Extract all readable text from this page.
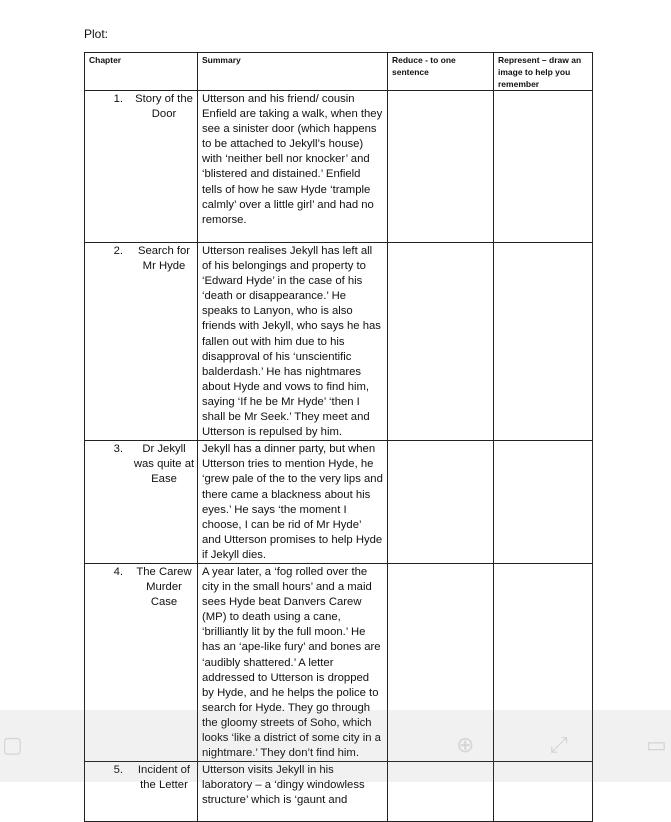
Plot:
Chapter	Summary	Reduce - to one sentence	Represent – draw an image to help you remember

1. Story of the Door	Utterson and his friend/ cousin Enfield are taking a walk, when they see a sinister door (which happens to be attached to Jekyll’s house) with ‘neither bell nor knocker’ and ‘blistered and distained.’ Enfield tells of how he saw Hyde ‘trample calmly’ over a little girl’ and had no remorse.		

2. Search for Mr Hyde	Utterson realises Jekyll has left all of his belongings and property to ‘Edward Hyde’ in the case of his ‘death or disappearance.’ He speaks to Lanyon, who is also friends with Jekyll, who says he has fallen out with him due to his disapproval of his ‘unscientific balderdash.’ He has nightmares about Hyde and vows to find him, saying ‘If he be Mr Hyde’ ‘then I shall be Mr Seek.’ They meet and Utterson is repulsed by him.		

3. Dr Jekyll was quite at Ease	Jekyll has a dinner party, but when Utterson tries to mention Hyde, he ‘grew pale of the to the very lips and there came a blackness about his eyes.’ He says ‘the moment I choose, I can be rid of Mr Hyde’ and Utterson promises to help Hyde if Jekyll dies.		

4. The Carew Murder Case	A year later, a ‘fog rolled over the city in the small hours’ and a maid sees Hyde beat Danvers Carew (MP) to death using a cane, ‘brilliantly lit by the full moon.’ He has an ‘ape-like fury’ and bones are ‘audibly shattered.’ A letter addressed to Utterson is dropped by Hyde, and he helps the police to search for Hyde. They go through the gloomy streets of Soho, which looks ‘like a district of some city in a nightmare.’ They don’t find him.		

5. Incident of the Letter	Utterson visits Jekyll in his laboratory – a ‘dingy windowless structure’ which is ‘gaunt and		
▢	⊕	⤢	▭
